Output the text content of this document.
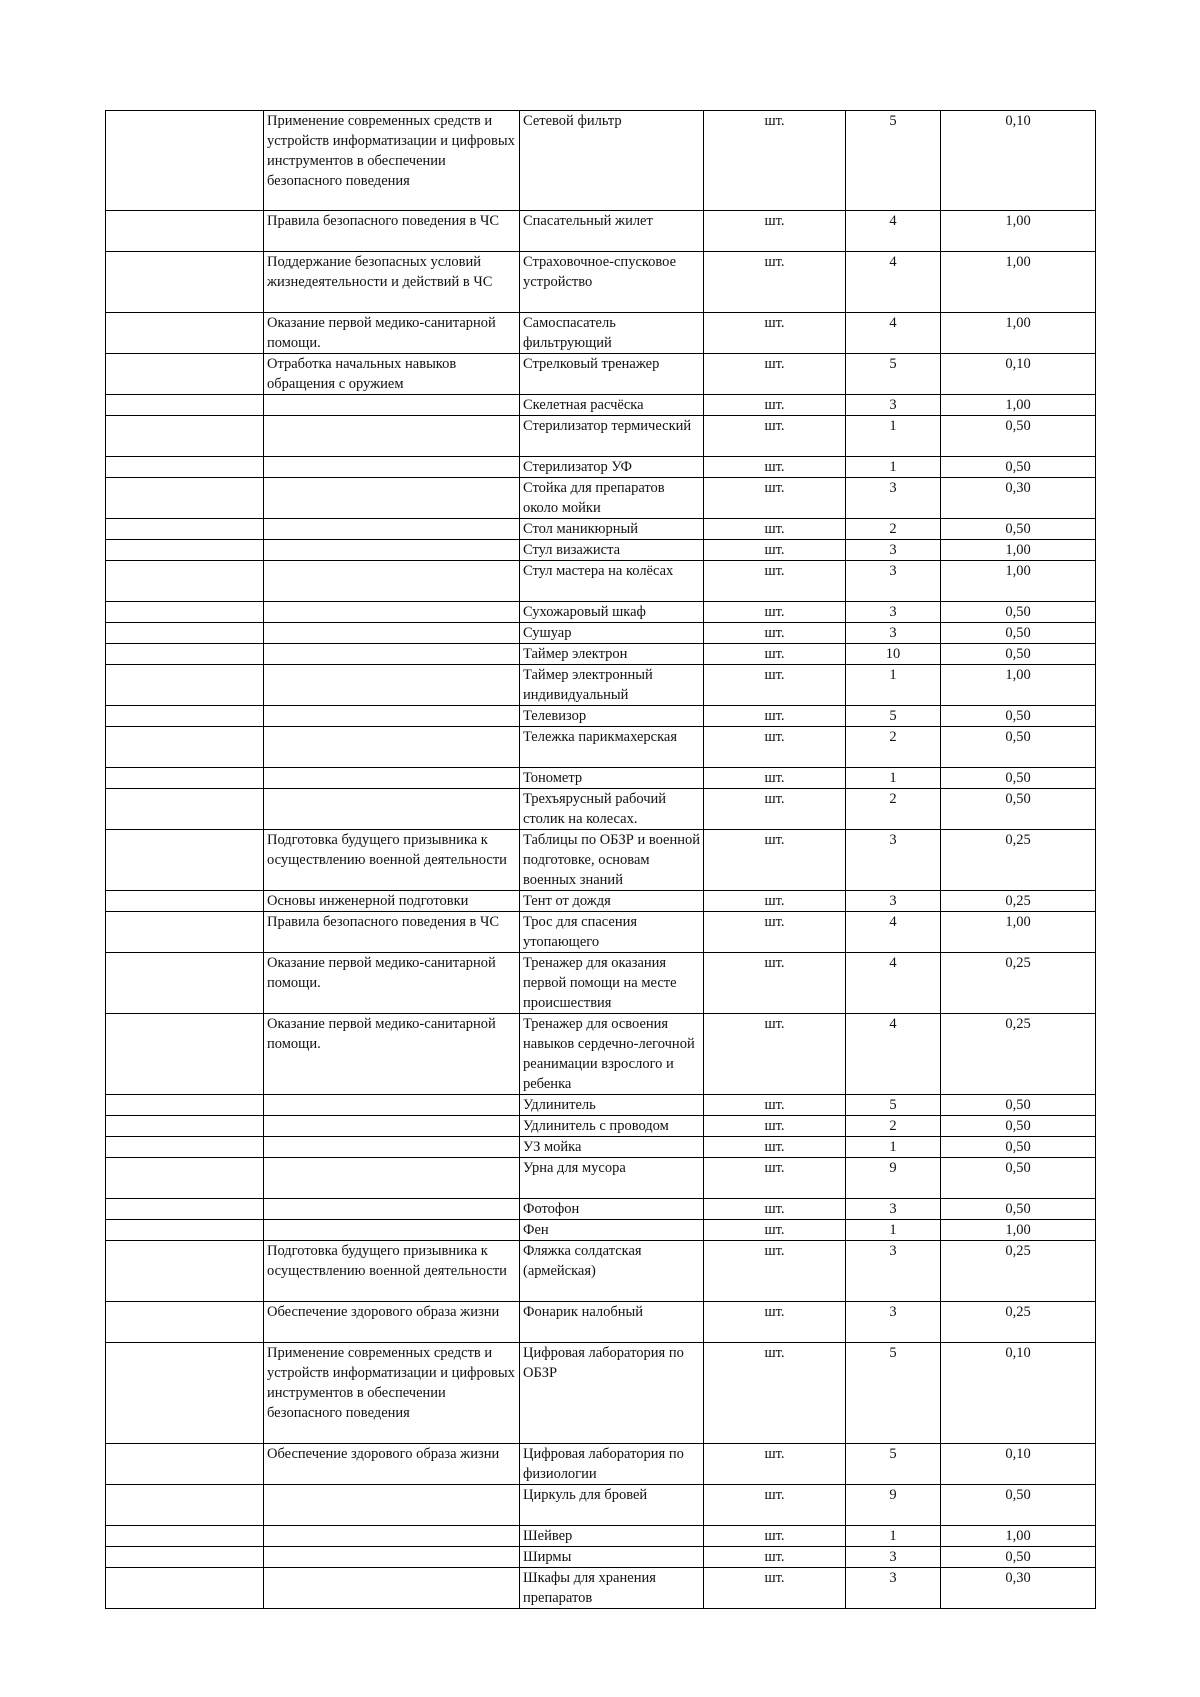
	Применение современных средств и устройств информатизации и цифровых инструментов в обеспечении безопасного поведения	Сетевой фильтр	шт.	5	0,10
	Правила безопасного поведения в ЧС	Спасательный жилет	шт.	4	1,00
	Поддержание безопасных условий жизнедеятельности и действий в ЧС	Страховочное-спусковое устройство	шт.	4	1,00
	Оказание первой медико-санитарной помощи.	Самоспасатель фильтрующий	шт.	4	1,00
	Отработка начальных навыков обращения с оружием	Стрелковый тренажер	шт.	5	0,10
		Скелетная расчёска	шт.	3	1,00
		Стерилизатор термический	шт.	1	0,50
		Стерилизатор УФ	шт.	1	0,50
		Стойка для препаратов около мойки	шт.	3	0,30
		Стол маникюрный	шт.	2	0,50
		Стул визажиста	шт.	3	1,00
		Стул мастера на колёсах	шт.	3	1,00
		Сухожаровый шкаф	шт.	3	0,50
		Сушуар	шт.	3	0,50
		Таймер электрон	шт.	10	0,50
		Таймер электронный индивидуальный	шт.	1	1,00
		Телевизор	шт.	5	0,50
		Тележка парикмахерская	шт.	2	0,50
		Тонометр	шт.	1	0,50
		Трехъярусный рабочий столик на колесах.	шт.	2	0,50
	Подготовка будущего призывника к осуществлению военной деятельности	Таблицы по ОБЗР и военной подготовке, основам военных знаний	шт.	3	0,25
	Основы инженерной подготовки	Тент от дождя	шт.	3	0,25
	Правила безопасного поведения в ЧС	Трос для спасения утопающего	шт.	4	1,00
	Оказание первой медико-санитарной помощи.	Тренажер для оказания первой помощи на месте происшествия	шт.	4	0,25
	Оказание первой медико-санитарной помощи.	Тренажер для освоения навыков сердечно-легочной реанимации взрослого и ребенка	шт.	4	0,25
		Удлинитель	шт.	5	0,50
		Удлинитель с проводом	шт.	2	0,50
		УЗ мойка	шт.	1	0,50
		Урна для мусора	шт.	9	0,50
		Фотофон	шт.	3	0,50
		Фен	шт.	1	1,00
	Подготовка будущего призывника к осуществлению военной деятельности	Фляжка солдатская (армейская)	шт.	3	0,25
	Обеспечение здорового образа жизни	Фонарик налобный	шт.	3	0,25
	Применение современных средств и устройств информатизации и цифровых инструментов в обеспечении безопасного поведения	Цифровая лаборатория по ОБЗР	шт.	5	0,10
	Обеспечение здорового образа жизни	Цифровая лаборатория по физиологии	шт.	5	0,10
		Циркуль для бровей	шт.	9	0,50
		Шейвер	шт.	1	1,00
		Ширмы	шт.	3	0,50
		Шкафы для хранения препаратов	шт.	3	0,30
